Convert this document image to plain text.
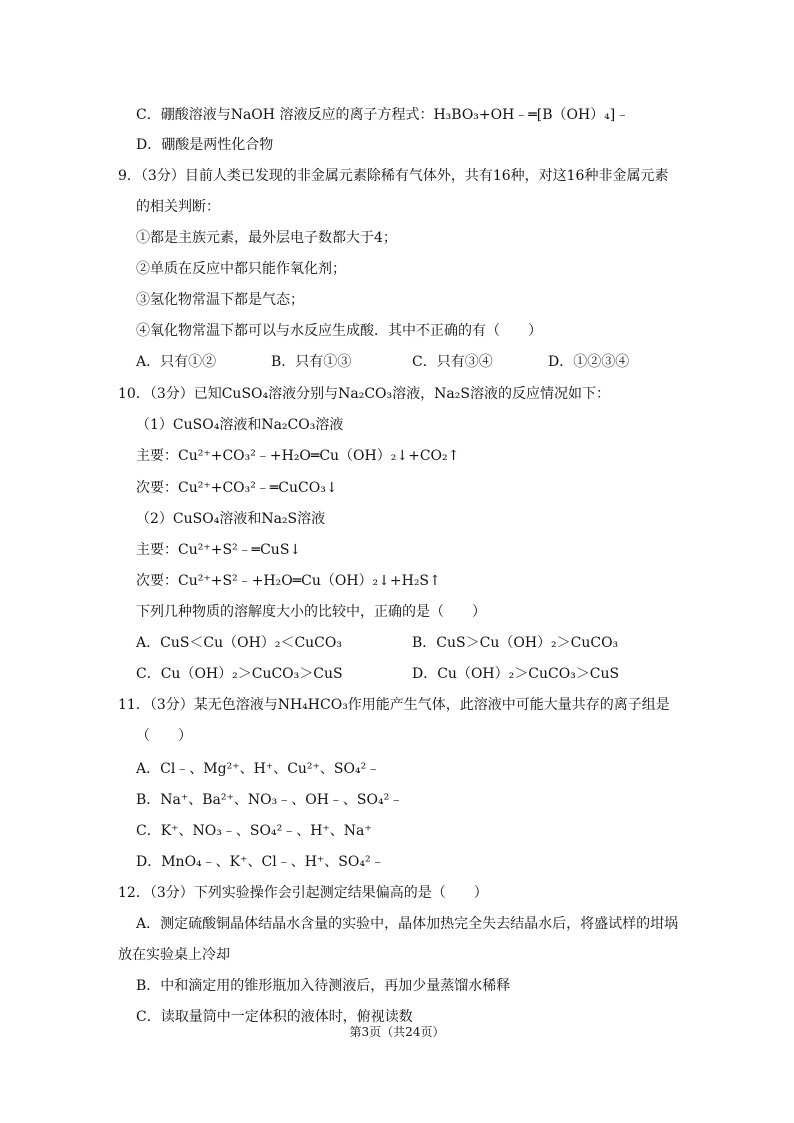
C．硼酸溶液与NaOH 溶液反应的离子方程式：H₃BO₃+OH﹣═[B（OH）₄]﹣
D．硼酸是两性化合物
9．（3分）目前人类已发现的非金属元素除稀有气体外，共有16种，对这16种非金属元素
的相关判断：
①都是主族元素，最外层电子数都大于4；
②单质在反应中都只能作氧化剂；
③氢化物常温下都是气态；
④氧化物常温下都可以与水反应生成酸．其中不正确的有（　　）
A．只有①②	B．只有①③	C．只有③④	D．①②③④
10．（3分）已知CuSO₄溶液分别与Na₂CO₃溶液，Na₂S溶液的反应情况如下：
（1）CuSO₄溶液和Na₂CO₃溶液
主要：Cu²⁺+CO₃²﹣+H₂O═Cu（OH）₂↓+CO₂↑
次要：Cu²⁺+CO₃²﹣═CuCO₃↓
（2）CuSO₄溶液和Na₂S溶液
主要：Cu²⁺+S²﹣═CuS↓
次要：Cu²⁺+S²﹣+H₂O═Cu（OH）₂↓+H₂S↑
下列几种物质的溶解度大小的比较中，正确的是（　　）
A．CuS＜Cu（OH）₂＜CuCO₃	B．CuS＞Cu（OH）₂＞CuCO₃
C．Cu（OH）₂＞CuCO₃＞CuS	D．Cu（OH）₂＞CuCO₃＞CuS
11．（3分）某无色溶液与NH₄HCO₃作用能产生气体，此溶液中可能大量共存的离子组是
（　　）
A．Cl﹣、Mg²⁺、H⁺、Cu²⁺、SO₄²﹣
B．Na⁺、Ba²⁺、NO₃﹣、OH﹣、SO₄²﹣
C．K⁺、NO₃﹣、SO₄²﹣、H⁺、Na⁺
D．MnO₄﹣、K⁺、Cl﹣、H⁺、SO₄²﹣
12．（3分）下列实验操作会引起测定结果偏高的是（　　）
A．测定硫酸铜晶体结晶水含量的实验中，晶体加热完全失去结晶水后，将盛试样的坩埚
放在实验桌上冷却
B．中和滴定用的锥形瓶加入待测液后，再加少量蒸馏水稀释
C．读取量筒中一定体积的液体时，俯视读数
第3页（共24页）
